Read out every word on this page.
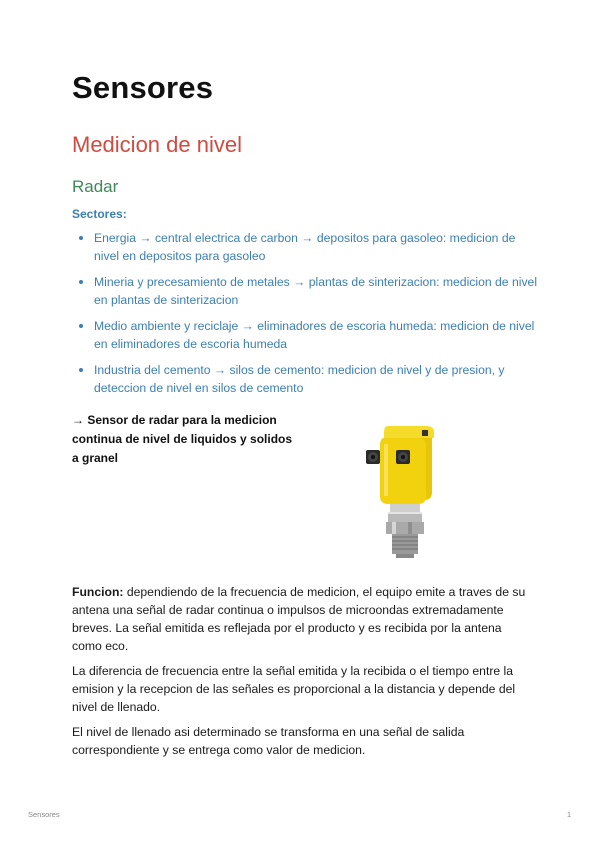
Sensores
Medicion de nivel
Radar
Sectores:
Energia → central electrica de carbon → depositos para gasoleo: medicion de nivel en depositos para gasoleo
Mineria y precesamiento de metales → plantas de sinterizacion: medicion de nivel en plantas de sinterizacion
Medio ambiente y reciclaje → eliminadores de escoria humeda: medicion de nivel en eliminadores de escoria humeda
Industria del cemento → silos de cemento: medicion de nivel y de presion, y deteccion de nivel en silos de cemento

→ Sensor de radar para la medicion continua de nivel de liquidos y solidos a granel

Funcion: dependiendo de la frecuencia de medicion, el equipo emite a traves de su antena una señal de radar continua o impulsos de microondas extremadamente breves. La señal emitida es reflejada por el producto y es recibida por la antena como eco.

La diferencia de frecuencia entre la señal emitida y la recibida o el tiempo entre la emision y la recepcion de las señales es proporcional a la distancia y depende del nivel de llenado.

El nivel de llenado asi determinado se transforma en una señal de salida correspondiente y se entrega como valor de medicion.

Sensores	1
